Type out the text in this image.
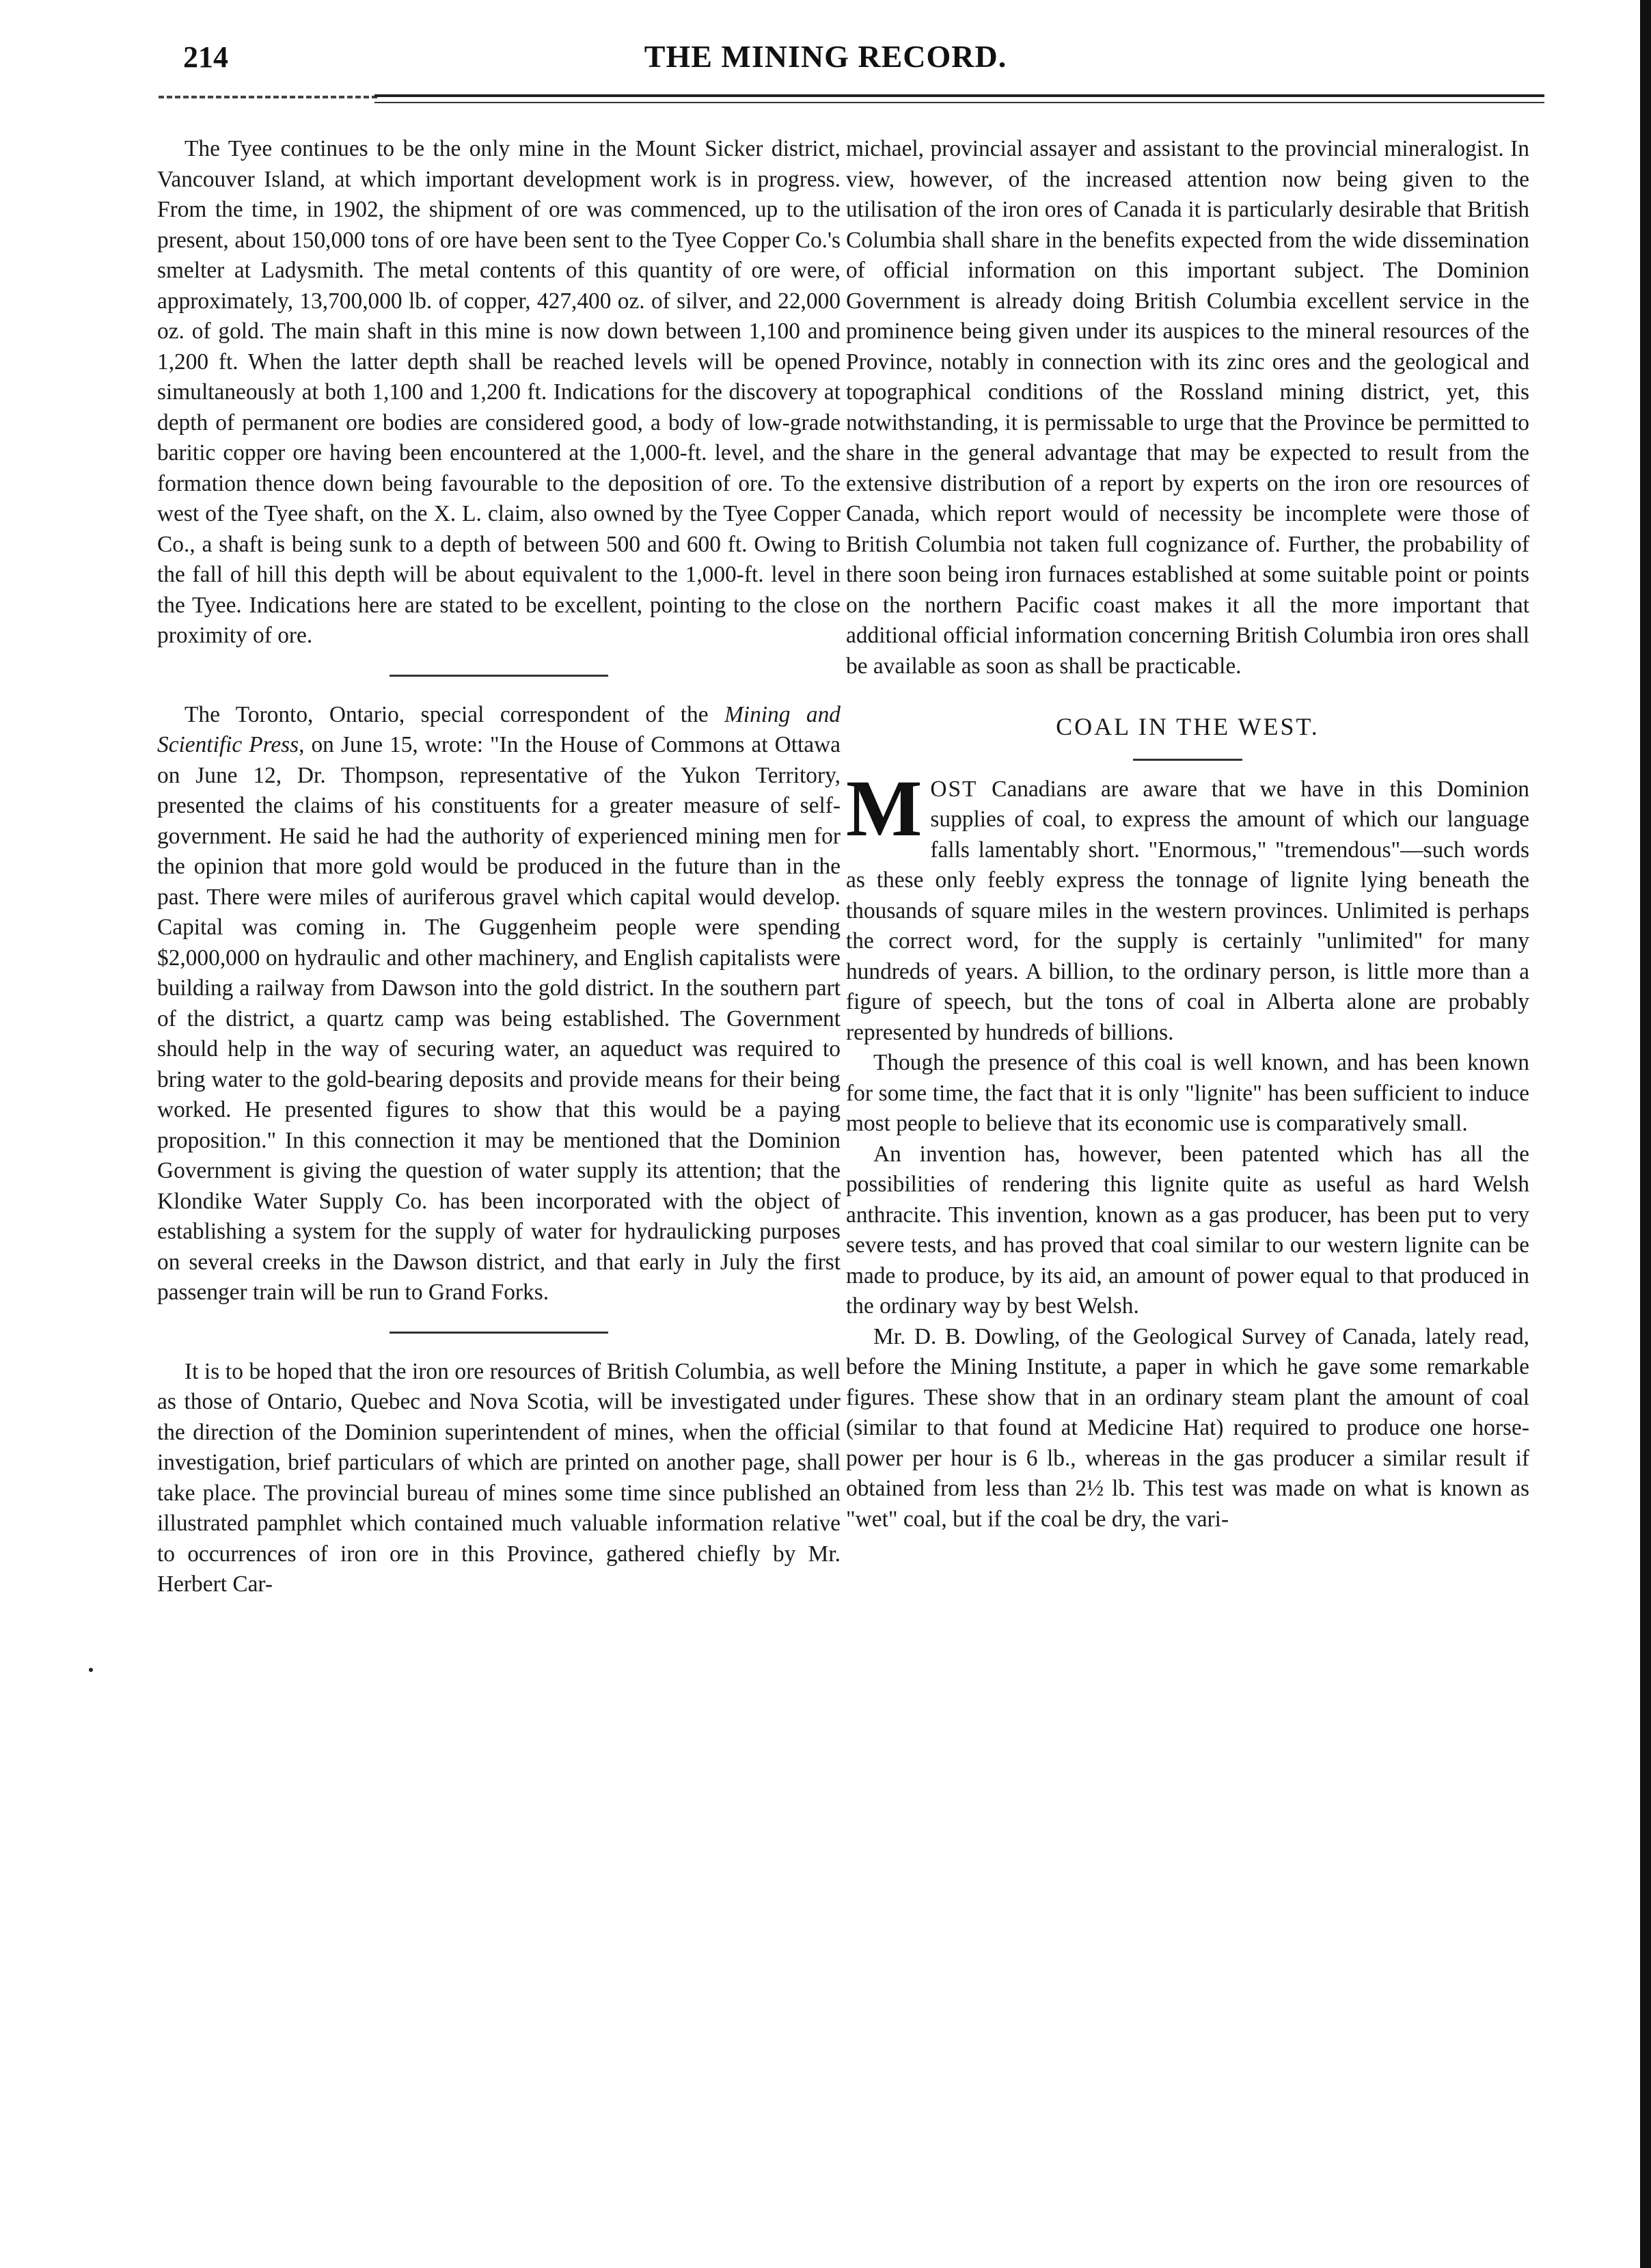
214	THE MINING RECORD.

The Tyee continues to be the only mine in the Mount Sicker district, Vancouver Island, at which important development work is in progress. From the time, in 1902, the shipment of ore was commenced, up to the present, about 150,000 tons of ore have been sent to the Tyee Copper Co.'s smelter at Ladysmith. The metal contents of this quantity of ore were, approximately, 13,700,000 lb. of copper, 427,400 oz. of silver, and 22,000 oz. of gold. The main shaft in this mine is now down between 1,100 and 1,200 ft. When the latter depth shall be reached levels will be opened simultaneously at both 1,100 and 1,200 ft. Indications for the discovery at depth of permanent ore bodies are considered good, a body of low-grade baritic copper ore having been encountered at the 1,000-ft. level, and the formation thence down being favourable to the deposition of ore. To the west of the Tyee shaft, on the X. L. claim, also owned by the Tyee Copper Co., a shaft is being sunk to a depth of between 500 and 600 ft. Owing to the fall of hill this depth will be about equivalent to the 1,000-ft. level in the Tyee. Indications here are stated to be excellent, pointing to the close proximity of ore.

The Toronto, Ontario, special correspondent of the Mining and Scientific Press, on June 15, wrote: "In the House of Commons at Ottawa on June 12, Dr. Thompson, representative of the Yukon Territory, presented the claims of his constituents for a greater measure of self-government. He said he had the authority of experienced mining men for the opinion that more gold would be produced in the future than in the past. There were miles of auriferous gravel which capital would develop. Capital was coming in. The Guggenheim people were spending $2,000,000 on hydraulic and other machinery, and English capitalists were building a railway from Dawson into the gold district. In the southern part of the district, a quartz camp was being established. The Government should help in the way of securing water, an aqueduct was required to bring water to the gold-bearing deposits and provide means for their being worked. He presented figures to show that this would be a paying proposition." In this connection it may be mentioned that the Dominion Government is giving the question of water supply its attention; that the Klondike Water Supply Co. has been incorporated with the object of establishing a system for the supply of water for hydraulicking purposes on several creeks in the Dawson district, and that early in July the first passenger train will be run to Grand Forks.

It is to be hoped that the iron ore resources of British Columbia, as well as those of Ontario, Quebec and Nova Scotia, will be investigated under the direction of the Dominion superintendent of mines, when the official investigation, brief particulars of which are printed on another page, shall take place. The provincial bureau of mines some time since published an illustrated pamphlet which contained much valuable information relative to occurrences of iron ore in this Province, gathered chiefly by Mr. Herbert Car-

michael, provincial assayer and assistant to the provincial mineralogist. In view, however, of the increased attention now being given to the utilisation of the iron ores of Canada it is particularly desirable that British Columbia shall share in the benefits expected from the wide dissemination of official information on this important subject. The Dominion Government is already doing British Columbia excellent service in the prominence being given under its auspices to the mineral resources of the Province, notably in connection with its zinc ores and the geological and topographical conditions of the Rossland mining district, yet, this notwithstanding, it is permissable to urge that the Province be permitted to share in the general advantage that may be expected to result from the extensive distribution of a report by experts on the iron ore resources of Canada, which report would of necessity be incomplete were those of British Columbia not taken full cognizance of. Further, the probability of there soon being iron furnaces established at some suitable point or points on the northern Pacific coast makes it all the more important that additional official information concerning British Columbia iron ores shall be available as soon as shall be practicable.

COAL IN THE WEST.

MOST Canadians are aware that we have in this Dominion supplies of coal, to express the amount of which our language falls lamentably short. "Enormous," "tremendous"—such words as these only feebly express the tonnage of lignite lying beneath the thousands of square miles in the western provinces. Unlimited is perhaps the correct word, for the supply is certainly "unlimited" for many hundreds of years. A billion, to the ordinary person, is little more than a figure of speech, but the tons of coal in Alberta alone are probably represented by hundreds of billions.

Though the presence of this coal is well known, and has been known for some time, the fact that it is only "lignite" has been sufficient to induce most people to believe that its economic use is comparatively small.

An invention has, however, been patented which has all the possibilities of rendering this lignite quite as useful as hard Welsh anthracite. This invention, known as a gas producer, has been put to very severe tests, and has proved that coal similar to our western lignite can be made to produce, by its aid, an amount of power equal to that produced in the ordinary way by best Welsh.

Mr. D. B. Dowling, of the Geological Survey of Canada, lately read, before the Mining Institute, a paper in which he gave some remarkable figures. These show that in an ordinary steam plant the amount of coal (similar to that found at Medicine Hat) required to produce one horse-power per hour is 6 lb., whereas in the gas producer a similar result if obtained from less than 2½ lb. This test was made on what is known as "wet" coal, but if the coal be dry, the vari-
